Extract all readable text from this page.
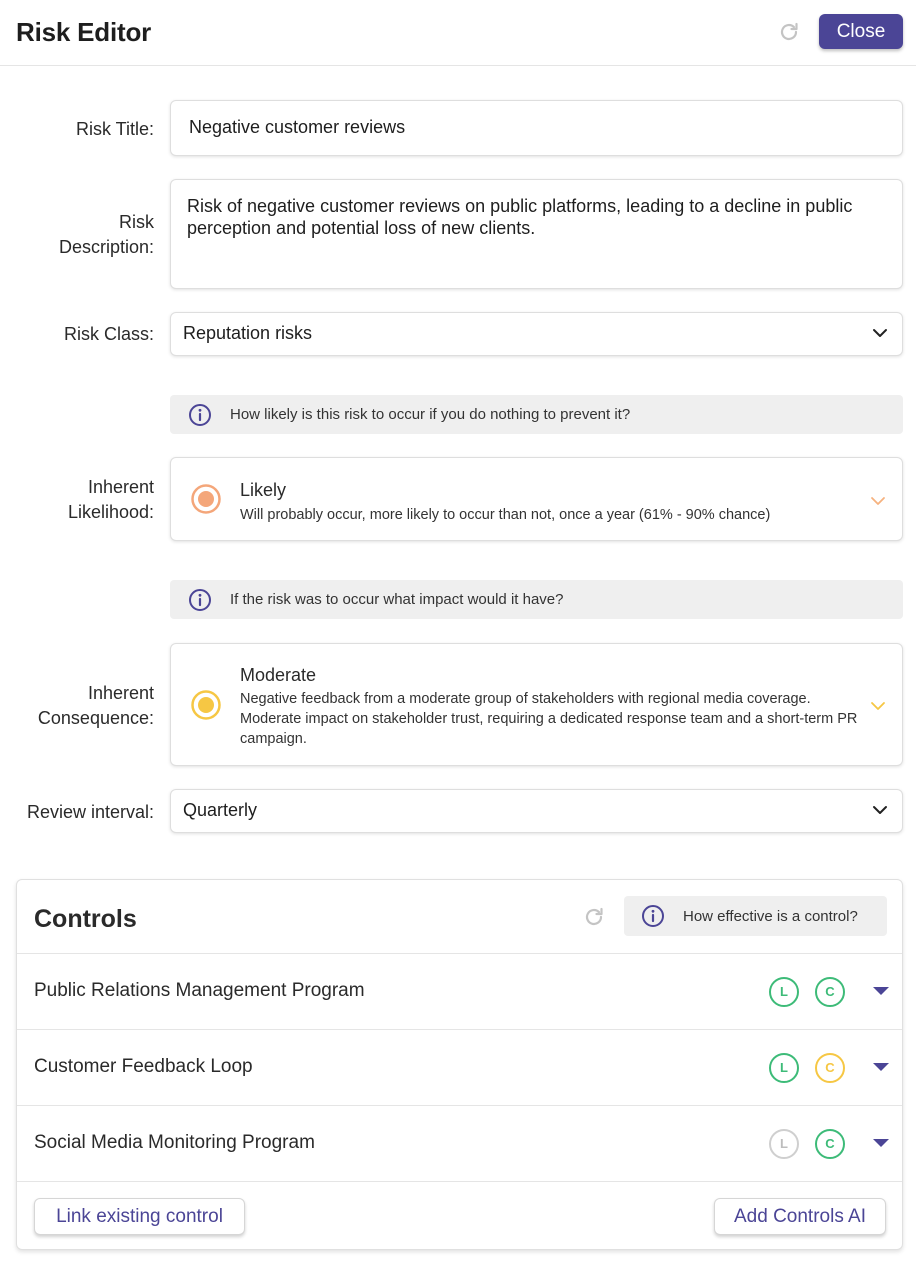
Risk Editor	Close
Risk Title:
Negative customer reviews
Risk
Description:
Risk of negative customer reviews on public platforms, leading to a decline in public perception and potential loss of new clients.
Risk Class: Reputation risks
How likely is this risk to occur if you do nothing to prevent it?
Inherent
Likelihood:
Likely
Will probably occur, more likely to occur than not, once a year (61% - 90% chance)
If the risk was to occur what impact would it have?
Inherent
Consequence:
Moderate
Negative feedback from a moderate group of stakeholders with regional media coverage. Moderate impact on stakeholder trust, requiring a dedicated response team and a short-term PR campaign.
Review interval: Quarterly
Controls	How effective is a control?
Public Relations Management Program	L	C
Customer Feedback Loop	L	C
Social Media Monitoring Program	L	C
Link existing control	Add Controls AI
